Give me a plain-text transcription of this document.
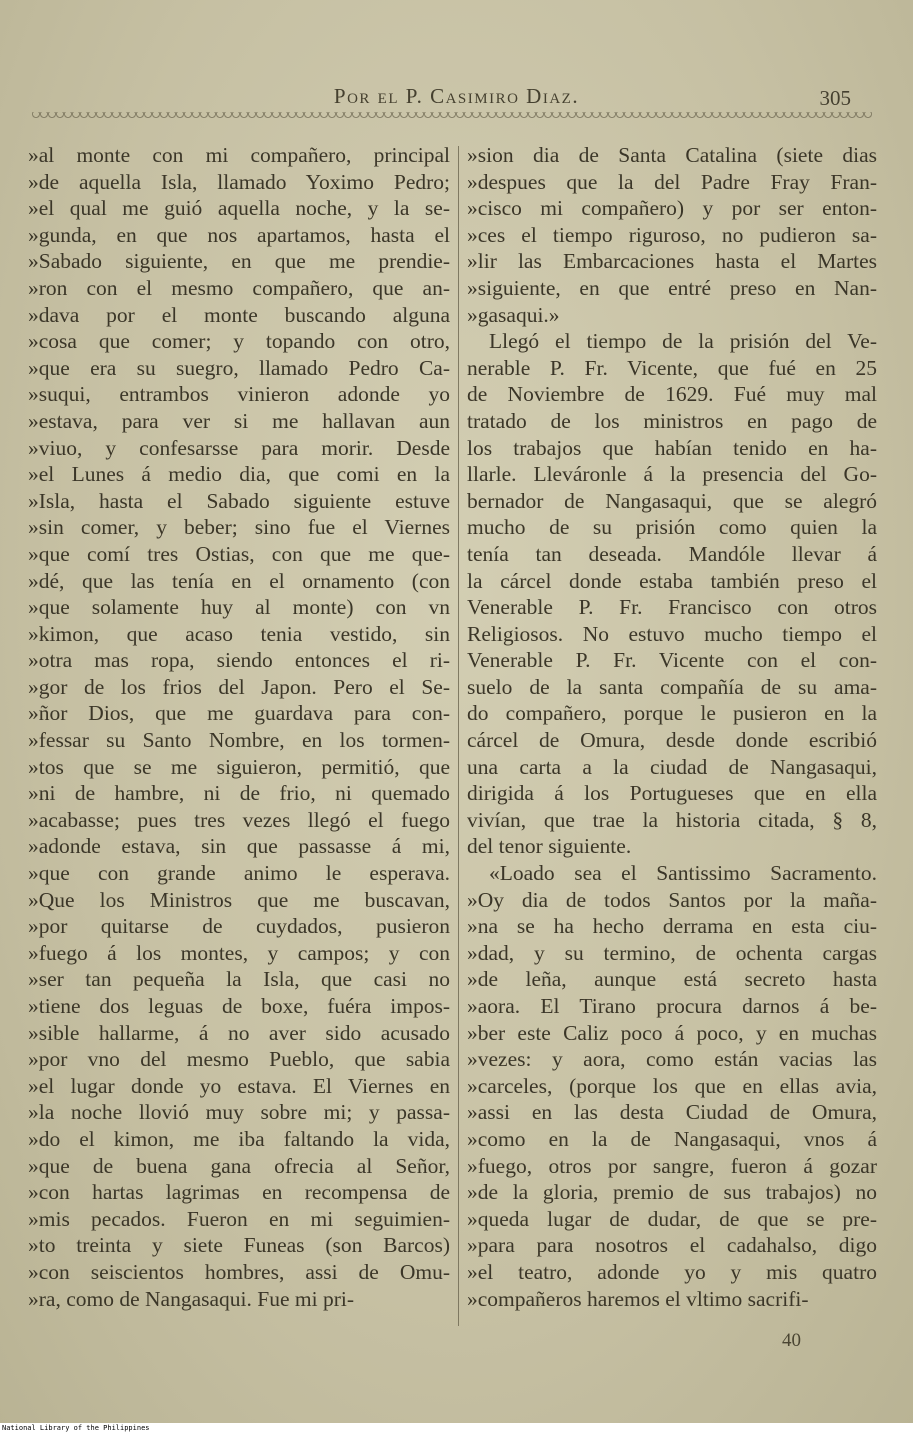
Por el P. Casimiro Diaz.	305
»al monte con mi compañero, principal
»de aquella Isla, llamado Yoximo Pedro;
»el qual me guió aquella noche, y la se-
»gunda, en que nos apartamos, hasta el
»Sabado siguiente, en que me prendie-
»ron con el mesmo compañero, que an-
»dava por el monte buscando alguna
»cosa que comer; y topando con otro,
»que era su suegro, llamado Pedro Ca-
»suqui, entrambos vinieron adonde yo
»estava, para ver si me hallavan aun
»viuo, y confesarsse para morir. Desde
»el Lunes á medio dia, que comi en la
»Isla, hasta el Sabado siguiente estuve
»sin comer, y beber; sino fue el Viernes
»que comí tres Ostias, con que me que-
»dé, que las tenía en el ornamento (con
»que solamente huy al monte) con vn
»kimon, que acaso tenia vestido, sin
»otra mas ropa, siendo entonces el ri-
»gor de los frios del Japon. Pero el Se-
»ñor Dios, que me guardava para con-
»fessar su Santo Nombre, en los tormen-
»tos que se me siguieron, permitió, que
»ni de hambre, ni de frio, ni quemado
»acabasse; pues tres vezes llegó el fuego
»adonde estava, sin que passasse á mi,
»que con grande animo le esperava.
»Que los Ministros que me buscavan,
»por quitarse de cuydados, pusieron
»fuego á los montes, y campos; y con
»ser tan pequeña la Isla, que casi no
»tiene dos leguas de boxe, fuéra impos-
»sible hallarme, á no aver sido acusado
»por vno del mesmo Pueblo, que sabia
»el lugar donde yo estava. El Viernes en
»la noche llovió muy sobre mi; y passa-
»do el kimon, me iba faltando la vida,
»que de buena gana ofrecia al Señor,
»con hartas lagrimas en recompensa de
»mis pecados. Fueron en mi seguimien-
»to treinta y siete Funeas (son Barcos)
»con seiscientos hombres, assi de Omu-
»ra, como de Nangasaqui. Fue mi pri-
»sion dia de Santa Catalina (siete dias
»despues que la del Padre Fray Fran-
»cisco mi compañero) y por ser enton-
»ces el tiempo riguroso, no pudieron sa-
»lir las Embarcaciones hasta el Martes
»siguiente, en que entré preso en Nan-
»gasaqui.»
Llegó el tiempo de la prisión del Ve-
nerable P. Fr. Vicente, que fué en 25
de Noviembre de 1629. Fué muy mal
tratado de los ministros en pago de
los trabajos que habían tenido en ha-
llarle. Lleváronle á la presencia del Go-
bernador de Nangasaqui, que se alegró
mucho de su prisión como quien la
tenía tan deseada. Mandóle llevar á
la cárcel donde estaba también preso el
Venerable P. Fr. Francisco con otros
Religiosos. No estuvo mucho tiempo el
Venerable P. Fr. Vicente con el con-
suelo de la santa compañía de su ama-
do compañero, porque le pusieron en la
cárcel de Omura, desde donde escribió
una carta a la ciudad de Nangasaqui,
dirigida á los Portugueses que en ella
vivían, que trae la historia citada, § 8,
del tenor siguiente.
«Loado sea el Santissimo Sacramento.
»Oy dia de todos Santos por la maña-
»na se ha hecho derrama en esta ciu-
»dad, y su termino, de ochenta cargas
»de leña, aunque está secreto hasta
»aora. El Tirano procura darnos á be-
»ber este Caliz poco á poco, y en muchas
»vezes: y aora, como están vacias las
»carceles, (porque los que en ellas avia,
»assi en las desta Ciudad de Omura,
»como en la de Nangasaqui, vnos á
»fuego, otros por sangre, fueron á gozar
»de la gloria, premio de sus trabajos) no
»queda lugar de dudar, de que se pre-
»para para nosotros el cadahalso, digo
»el teatro, adonde yo y mis quatro
»compañeros haremos el vltimo sacrifi-
40
National Library of the Philippines
